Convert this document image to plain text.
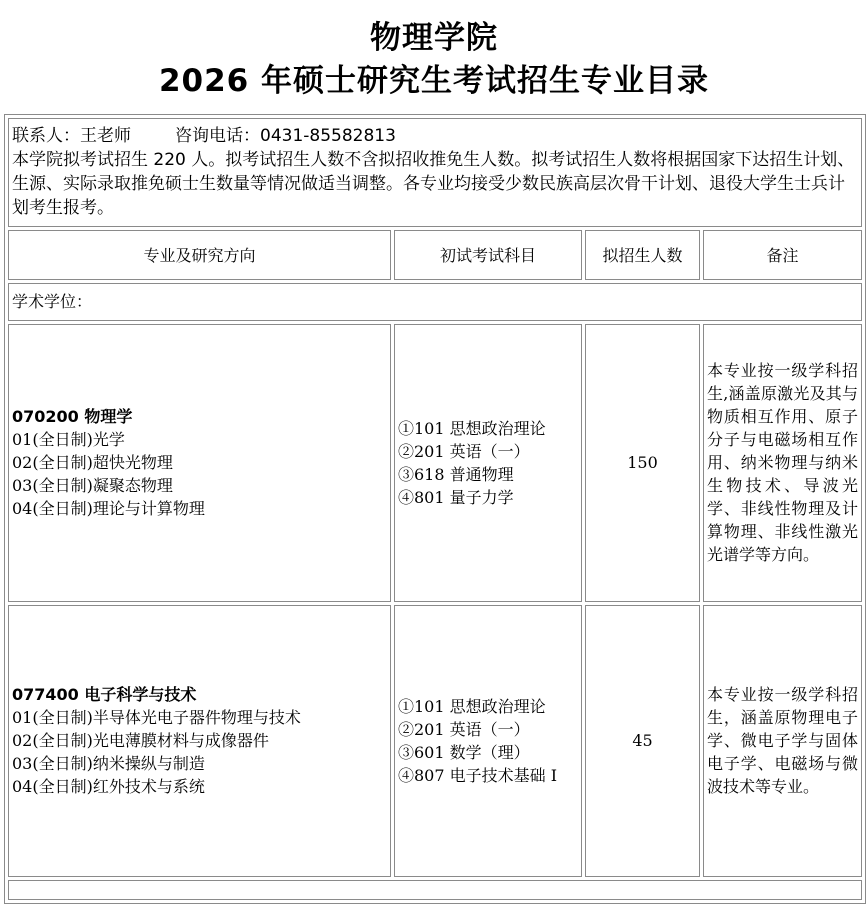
物理学院
2026 年硕士研究生考试招生专业目录
联系人：王老师 咨询电话：0431-85582813
本学院拟考试招生 220 人。拟考试招生人数不含拟招收推免生人数。拟考试招生人数将根据国家下达招生计划、生源、实际录取推免硕士生数量等情况做适当调整。各专业均接受少数民族高层次骨干计划、退役大学生士兵计划考生报考。			

专业及研究方向	初试考试科目	拟招生人数	备注
学术学位：			

070200 物理学
01(全日制)光学
02(全日制)超快光物理
03(全日制)凝聚态物理
04(全日制)理论与计算物理	①101 思想政治理论
②201 英语（一）
③618 普通物理
④801 量子力学	150	本专业按一级学科招生,涵盖原激光及其与物质相互作用、原子分子与电磁场相互作用、纳米物理与纳米生物技术、导波光学、非线性物理及计算物理、非线性激光光谱学等方向。

077400 电子科学与技术
01(全日制)半导体光电子器件物理与技术
02(全日制)光电薄膜材料与成像器件
03(全日制)纳米操纵与制造
04(全日制)红外技术与系统	①101 思想政治理论
②201 英语（一）
③601 数学（理）
④807 电子技术基础 I	45	本专业按一级学科招生，涵盖原物理电子学、微电子学与固体电子学、电磁场与微波技术等专业。
